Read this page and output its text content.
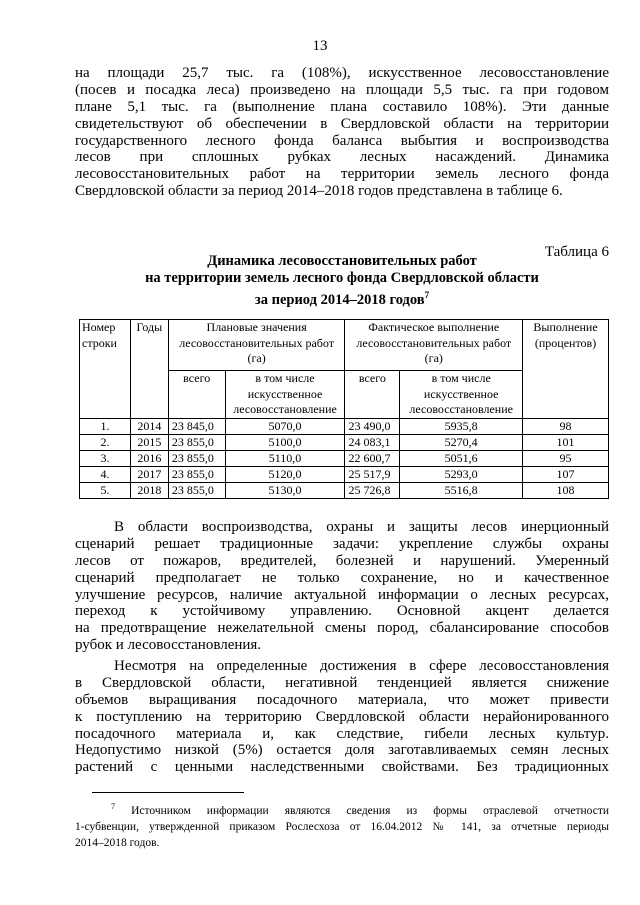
13

на площади 25,7 тыс. га (108%), искусственное лесовосстановление
(посев и посадка леса) произведено на площади 5,5 тыс. га при годовом
плане 5,1 тыс. га (выполнение плана составило 108%). Эти данные
свидетельствуют об обеспечении в Свердловской области на территории
государственного лесного фонда баланса выбытия и воспроизводства
лесов при сплошных рубках лесных насаждений. Динамика
лесовосстановительных работ на территории земель лесного фонда
Свердловской области за период 2014–2018 годов представлена в таблице 6.

Таблица 6
Динамика лесовосстановительных работ
на территории земель лесного фонда Свердловской области
за период 2014–2018 годов$^7$
Номер строки	Годы	Плановые значения лесовосстановительных работ (га)		Фактическое выполнение лесовосстановительных работ (га)		Выполнение (процентов)
		всего	в том числе искусственное лесовосстановление	всего	в том числе искусственное лесовосстановление	
1.	2014	23 845,0	5070,0	23 490,0	5935,8	98
2.	2015	23 855,0	5100,0	24 083,1	5270,4	101
3.	2016	23 855,0	5110,0	22 600,7	5051,6	95
4.	2017	23 855,0	5120,0	25 517,9	5293,0	107
5.	2018	23 855,0	5130,0	25 726,8	5516,8	108

В области воспроизводства, охраны и защиты лесов инерционный
сценарий решает традиционные задачи: укрепление службы охраны
лесов от пожаров, вредителей, болезней и нарушений. Умеренный
сценарий предполагает не только сохранение, но и качественное
улучшение ресурсов, наличие актуальной информации о лесных ресурсах,
переход к устойчивому управлению. Основной акцент делается
на предотвращение нежелательной смены пород, сбалансирование способов
рубок и лесовосстановления.

Несмотря на определенные достижения в сфере лесовосстановления
в Свердловской области, негативной тенденцией является снижение
объемов выращивания посадочного материала, что может привести
к поступлению на территорию Свердловской области нерайонированного
посадочного материала и, как следствие, гибели лесных культур.
Недопустимо низкой (5%) остается доля заготавливаемых семян лесных
растений с ценными наследственными свойствами. Без традиционных

$^7$ Источником информации являются сведения из формы отраслевой отчетности
1-субвенции, утвержденной приказом Рослесхоза от 16.04.2012 № 141, за отчетные периоды
2014–2018 годов.
